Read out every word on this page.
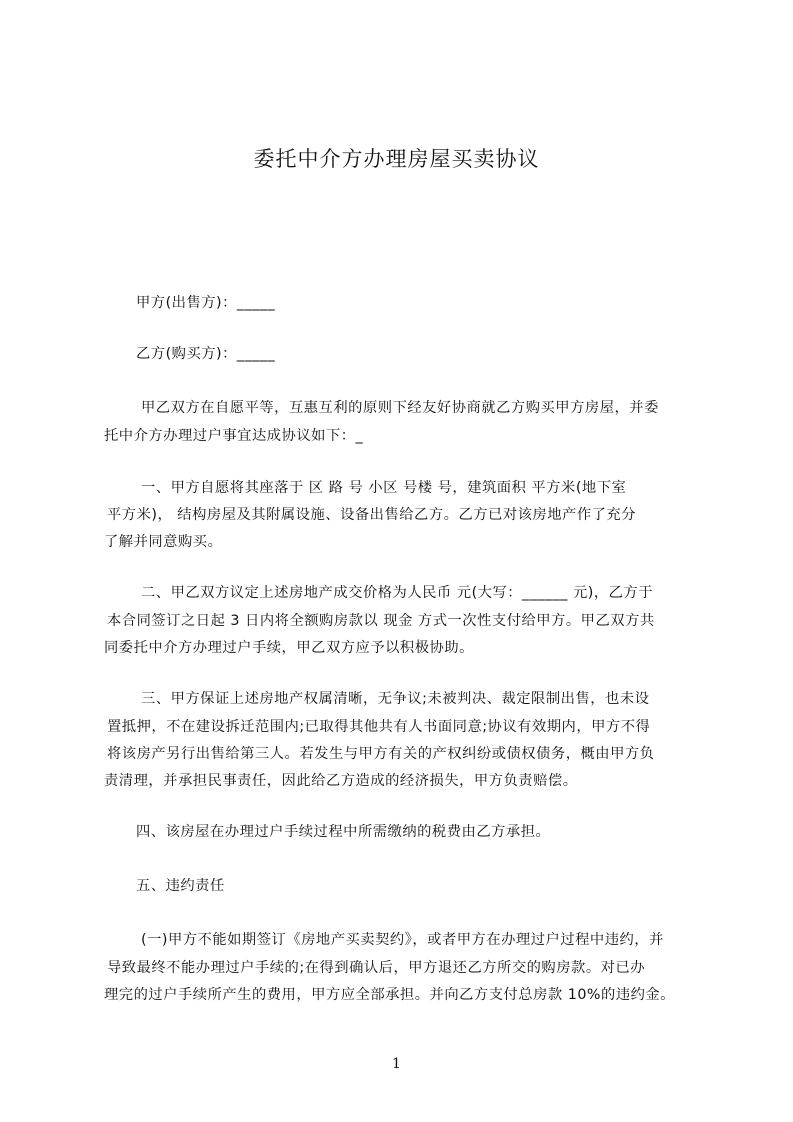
委托中介方办理房屋买卖协议
甲方(出售方)：_____
乙方(购买方)：_____
甲乙双方在自愿平等，互惠互利的原则下经友好协商就乙方购买甲方房屋，并委
托中介方办理过户事宜达成协议如下：_
一、甲方自愿将其座落于 区 路 号 小区 号楼 号，建筑面积 平方米(地下室
平方米)， 结构房屋及其附属设施、设备出售给乙方。乙方已对该房地产作了充分
了解并同意购买。
二、甲乙双方议定上述房地产成交价格为人民币 元(大写：______ 元)，乙方于
本合同签订之日起 3 日内将全额购房款以 现金 方式一次性支付给甲方。甲乙双方共
同委托中介方办理过户手续，甲乙双方应予以积极协助。
三、甲方保证上述房地产权属清晰，无争议;未被判决、裁定限制出售，也未设
置抵押，不在建设拆迁范围内;已取得其他共有人书面同意;协议有效期内，甲方不得
将该房产另行出售给第三人。若发生与甲方有关的产权纠纷或债权债务，概由甲方负
责清理，并承担民事责任，因此给乙方造成的经济损失，甲方负责赔偿。
四、该房屋在办理过户手续过程中所需缴纳的税费由乙方承担。
五、违约责任
(一)甲方不能如期签订《房地产买卖契约》，或者甲方在办理过户过程中违约，并
导致最终不能办理过户手续的;在得到确认后，甲方退还乙方所交的购房款。对已办
理完的过户手续所产生的费用，甲方应全部承担。并向乙方支付总房款 10%的违约金。
1
